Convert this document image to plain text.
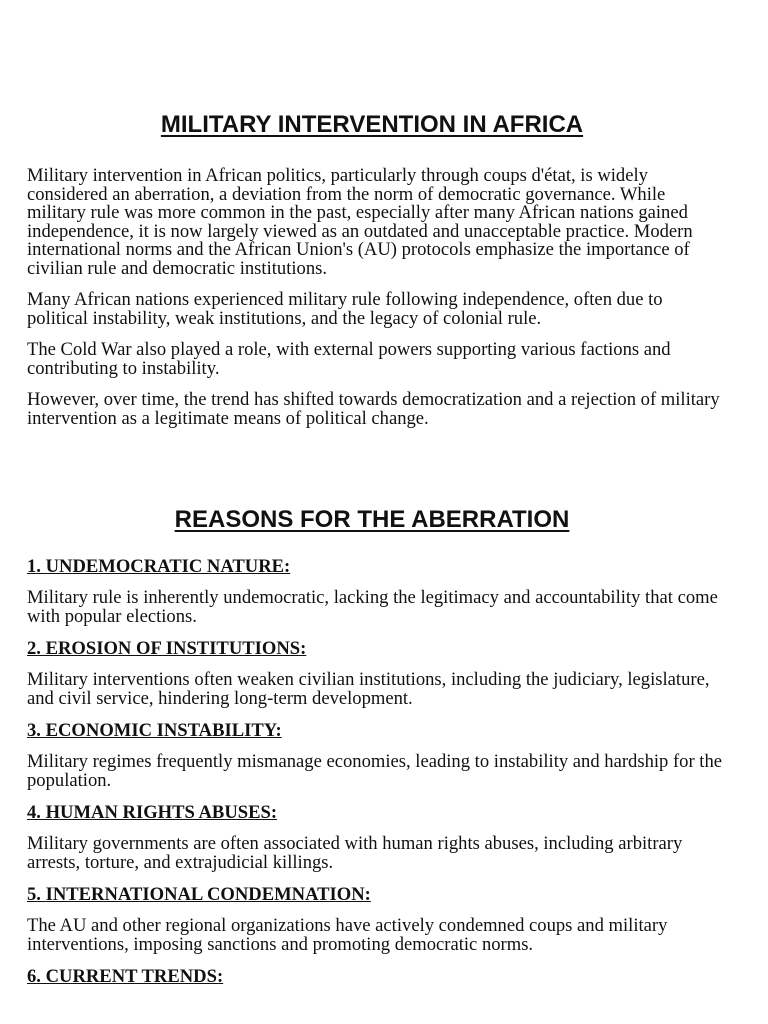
MILITARY INTERVENTION IN AFRICA

Military intervention in African politics, particularly through coups d'état, is widely considered an aberration, a deviation from the norm of democratic governance. While military rule was more common in the past, especially after many African nations gained independence, it is now largely viewed as an outdated and unacceptable practice. Modern international norms and the African Union's (AU) protocols emphasize the importance of civilian rule and democratic institutions.

Many African nations experienced military rule following independence, often due to political instability, weak institutions, and the legacy of colonial rule.

The Cold War also played a role, with external powers supporting various factions and contributing to instability.

However, over time, the trend has shifted towards democratization and a rejection of military intervention as a legitimate means of political change.

REASONS FOR THE ABERRATION

1. UNDEMOCRATIC NATURE:

Military rule is inherently undemocratic, lacking the legitimacy and accountability that come with popular elections.

2. EROSION OF INSTITUTIONS:

Military interventions often weaken civilian institutions, including the judiciary, legislature, and civil service, hindering long-term development.

3. ECONOMIC INSTABILITY:

Military regimes frequently mismanage economies, leading to instability and hardship for the population.

4. HUMAN RIGHTS ABUSES:

Military governments are often associated with human rights abuses, including arbitrary arrests, torture, and extrajudicial killings.

5. INTERNATIONAL CONDEMNATION:

The AU and other regional organizations have actively condemned coups and military interventions, imposing sanctions and promoting democratic norms.

6. CURRENT TRENDS:
